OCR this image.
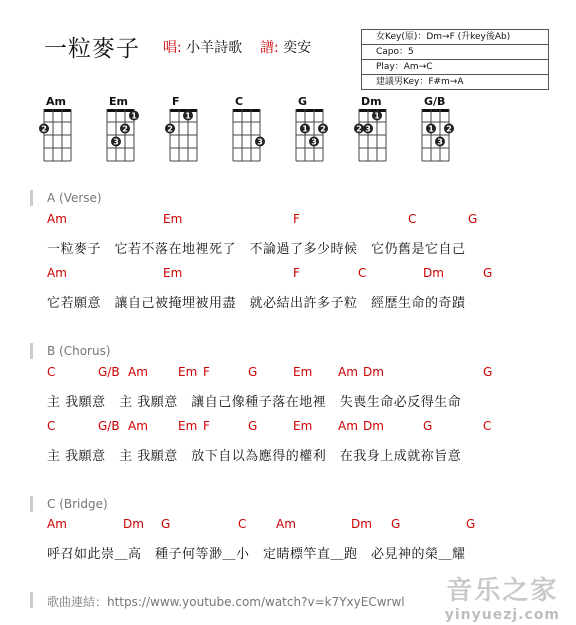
一粒麥子 唱: 小羊詩歌 譜: 奕安
女Key(原)：Dm→F (升key後Ab)
Capo：5
Play：Am→C
建議男Key：F#m→A
Am
2
Em
1
2
3
F
1
2
C
3
G
1 2
3
Dm
1
2 3
G/B
1 2
3
A (Verse)
Am	Em	F	C	G
一粒麥子　它若不落在地裡死了　不論過了多少時候　它仍舊是它自己
Am	Em	F	C	Dm	G
它若願意　讓自己被掩埋被用盡　就必結出許多子粒　經歷生命的奇蹟
B (Chorus)
C	G/B Am	Em F	G	Em Am Dm	G
主 我願意　主 我願意　讓自己像種子落在地裡　失喪生命必反得生命
C	G/B Am	Em F	G	Em Am Dm	G	C
主 我願意　主 我願意　放下自以為應得的權利　在我身上成就祢旨意
C (Bridge)
Am	Dm G	C Am	Dm G	G
呼召如此崇＿高　種子何等渺＿小　定睛標竿直＿跑　必見神的榮＿耀
歌曲連結：https://www.youtube.com/watch?v=k7YxyECwrwl 音乐之家
yinyuezj.com
